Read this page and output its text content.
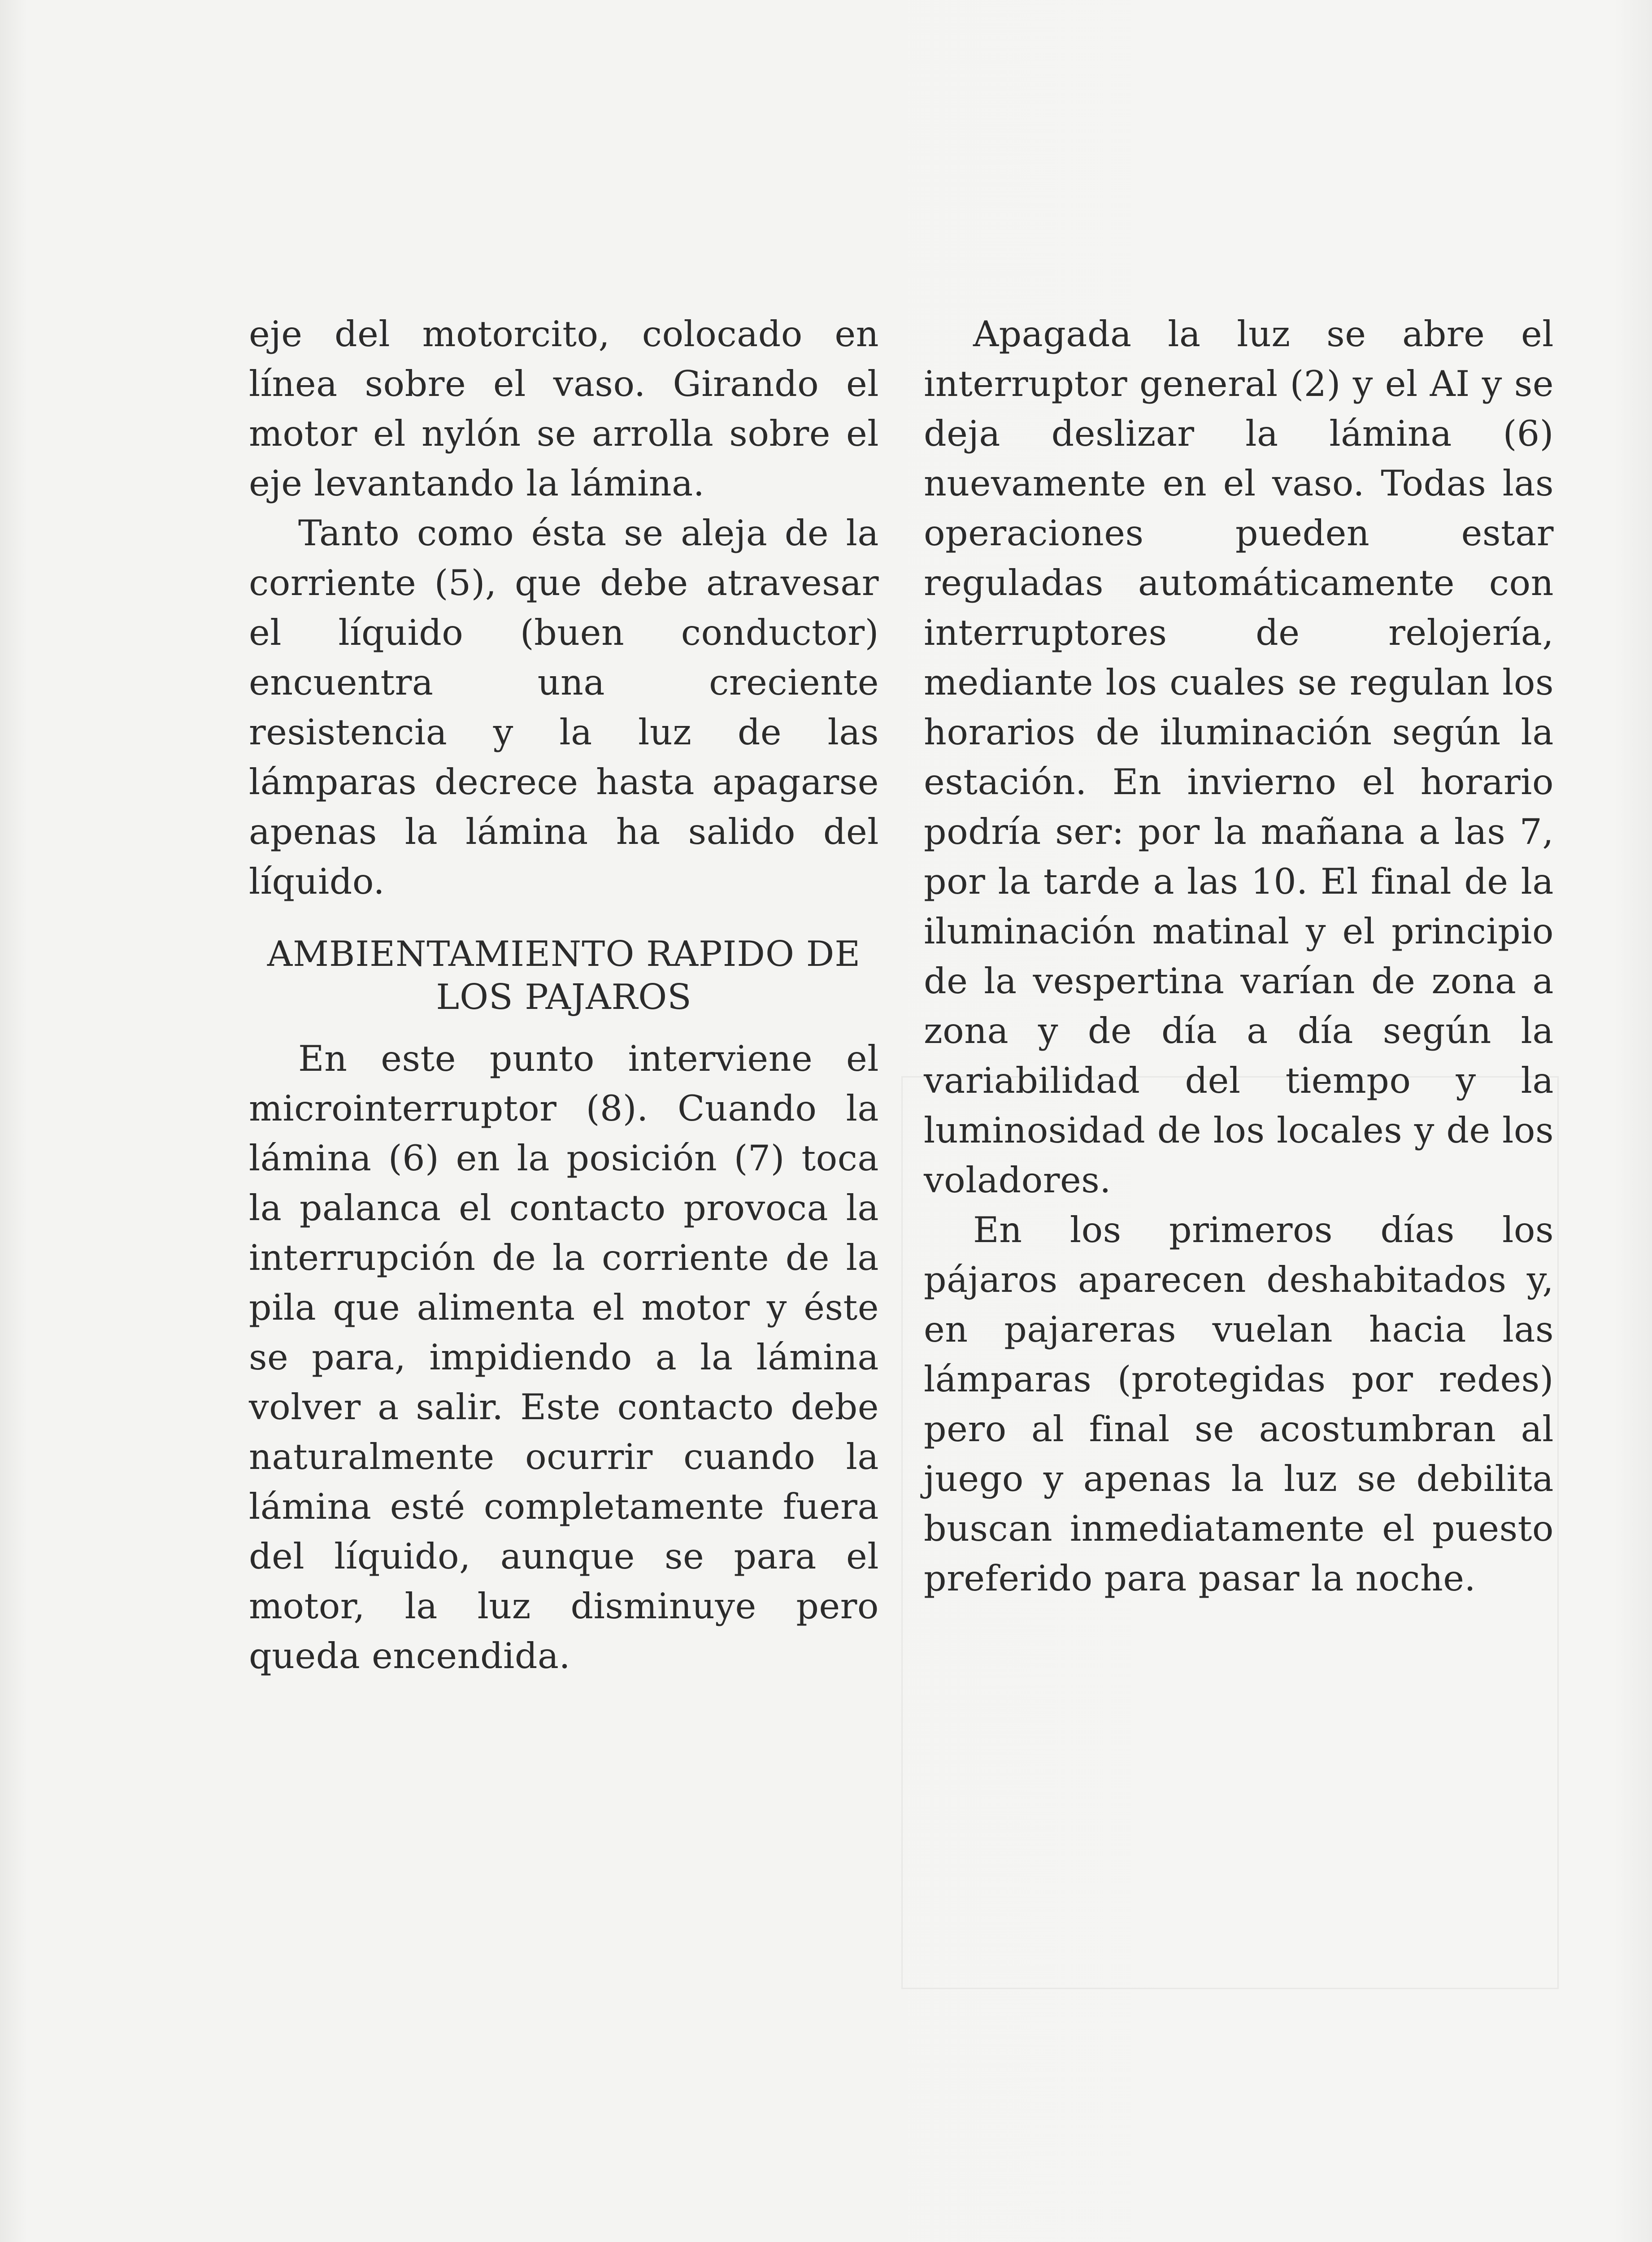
eje del motorcito, colocado en línea sobre el vaso. Girando el motor el nylón se arrolla sobre el eje levantando la lámina.

Tanto como ésta se aleja de la corriente (5), que debe atravesar el líquido (buen conductor) encuentra una creciente resistencia y la luz de las lámparas decrece hasta apagarse apenas la lámina ha salido del líquido.

AMBIENTAMIENTO RAPIDO DE
LOS PAJAROS

En este punto interviene el microinterruptor (8). Cuando la lámina (6) en la posición (7) toca la palanca el contacto provoca la interrupción de la corriente de la pila que alimenta el motor y éste se para, impidiendo a la lámina volver a salir. Este contacto debe naturalmente ocurrir cuando la lámina esté completamente fuera del líquido, aunque se para el motor, la luz disminuye pero queda encendida.

Apagada la luz se abre el interruptor general (2) y el AI y se deja deslizar la lámina (6) nuevamente en el vaso. Todas las operaciones pueden estar reguladas automáticamente con interruptores de relojería, mediante los cuales se regulan los horarios de iluminación según la estación. En invierno el horario podría ser: por la mañana a las 7, por la tarde a las 10. El final de la iluminación matinal y el principio de la vespertina varían de zona a zona y de día a día según la variabilidad del tiempo y la luminosidad de los locales y de los voladores.

En los primeros días los pájaros aparecen deshabitados y, en pajareras vuelan hacia las lámparas (protegidas por redes) pero al final se acostumbran al juego y apenas la luz se debilita buscan inmediatamente el puesto preferido para pasar la noche.
